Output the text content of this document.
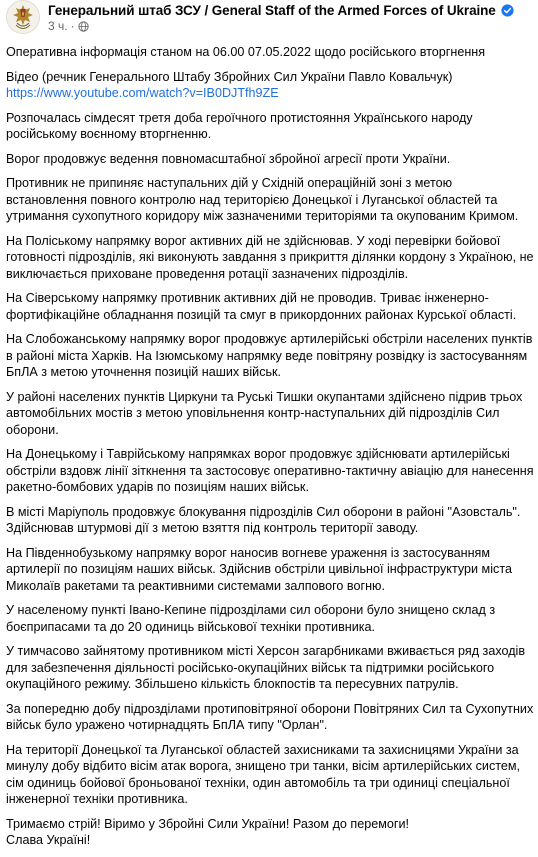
Генеральний штаб ЗСУ / General Staff of the Armed Forces of Ukraine
3 ч. ·

Оперативна інформація станом на 06.00 07.05.2022 щодо російського вторгнення

Відео (речник Генерального Штабу Збройних Сил України Павло Ковальчук)
https://www.youtube.com/watch?v=IB0DJTfh9ZE

Розпочалась сімдесят третя доба героїчного протистояння Українського народу російському воєнному вторгненню.

Ворог продовжує ведення повномасштабної збройної агресії проти України.

Противник не припиняє наступальних дій у Східній операційній зоні з метою встановлення повного контролю над територією Донецької і Луганської областей та утримання сухопутного коридору між зазначеними територіями та окупованим Кримом.

На Поліському напрямку ворог активних дій не здійснював. У ході перевірки бойової готовності підрозділів, які виконують завдання з прикриття ділянки кордону з Україною, не виключається приховане проведення ротації зазначених підрозділів.

На Сіверському напрямку противник активних дій не проводив. Триває інженерно-фортифікаційне обладнання позицій та смуг в прикордонних районах Курської області.

На Слобожанському напрямку ворог продовжує артилерійські обстріли населених пунктів в районі міста Харків. На Ізюмському напрямку веде повітряну розвідку із застосуванням БпЛА з метою уточнення позицій наших військ.

У районі населених пунктів Циркуни та Руські Тишки окупантами здійснено підрив трьох автомобільних мостів з метою уповільнення контр-наступальних дій підрозділів Сил оборони.

На Донецькому і Таврійському напрямках ворог продовжує здійснювати артилерійські обстріли вздовж лінії зіткнення та застосовує оперативно-тактичну авіацію для нанесення ракетно-бомбових ударів по позиціям наших військ.

В місті Маріуполь продовжує блокування підрозділів Сил оборони в районі "Азовсталь". Здійснював штурмові дії з метою взяття під контроль території заводу.

На Південнобузькому напрямку ворог наносив вогневе ураження із застосуванням артилерії по позиціям наших військ. Здійснив обстріли цивільної інфраструктури міста Миколаїв ракетами та реактивними системами залпового вогню.

У населеному пункті Івано-Кепине підрозділами сил оборони було знищено склад з боєприпасами та до 20 одиниць військової техніки противника.

У тимчасово зайнятому противником місті Херсон загарбниками вживається ряд заходів для забезпечення діяльності російсько-окупаційних військ та підтримки російського окупаційного режиму. Збільшено кількість блокпостів та пересувних патрулів.

За попередню добу підрозділами протиповітряної оборони Повітряних Сил та Сухопутних військ було уражено чотирнадцять БпЛА типу "Орлан".

На території Донецької та Луганської областей захисниками та захисницями України за минулу добу відбито вісім атак ворога, знищено три танки, вісім артилерійських систем, сім одиниць бойової броньованої техніки, один автомобіль та три одиниці спеціальної інженерної техніки противника.

Тримаємо стрій! Віримо у Збройні Сили України! Разом до перемоги!
Слава Україні!
